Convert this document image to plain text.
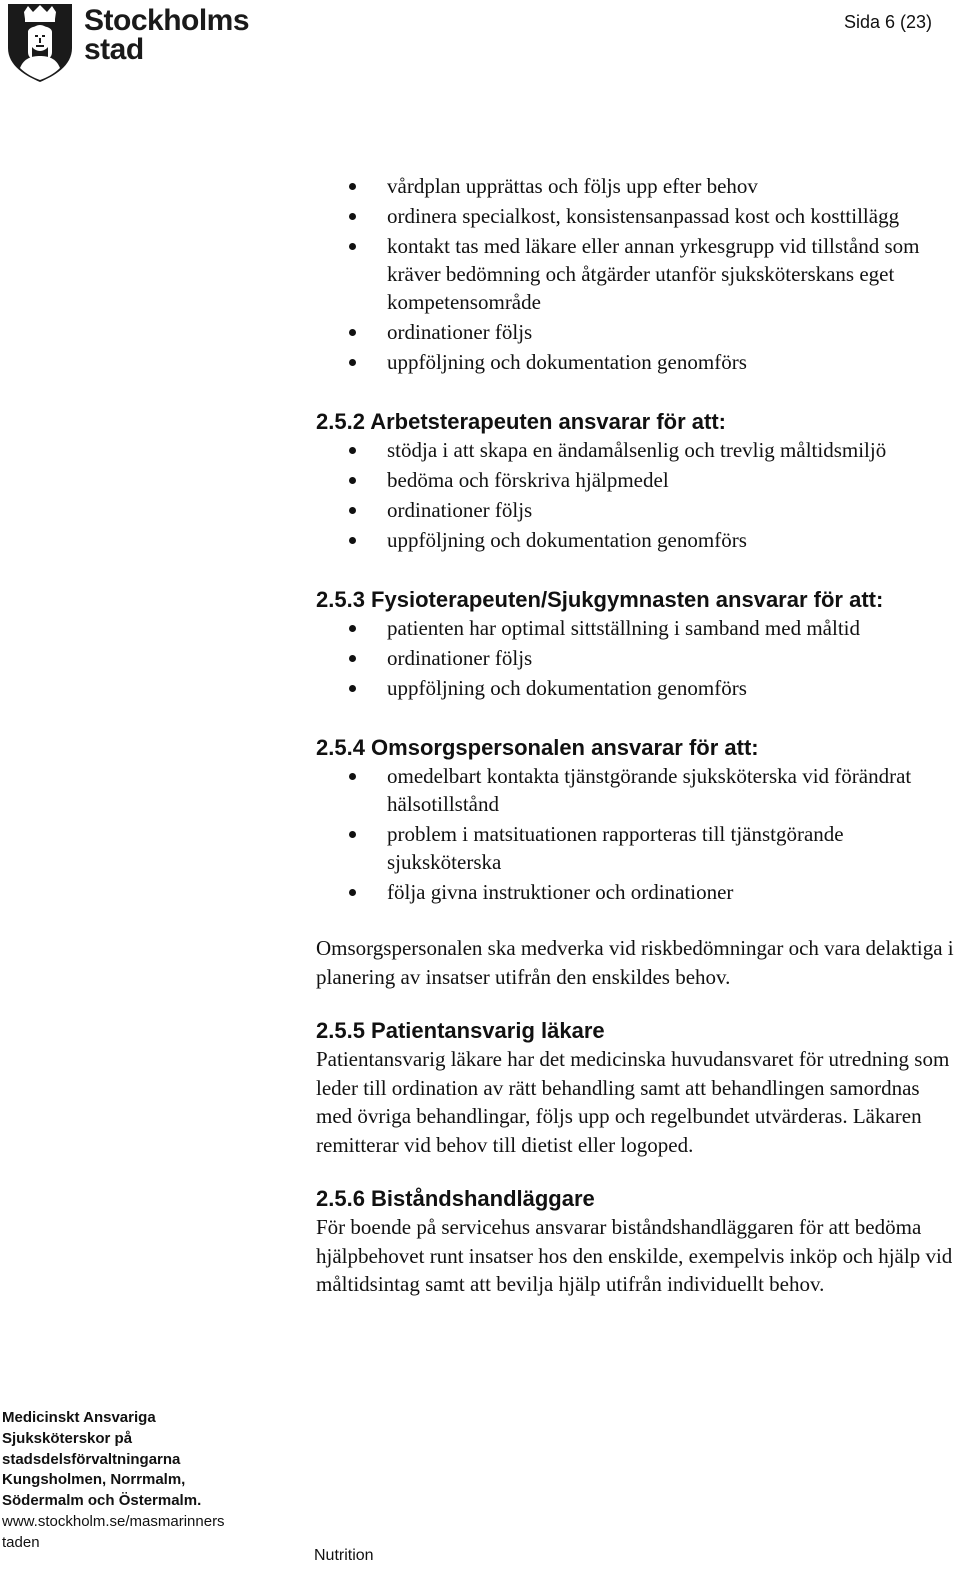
Stockholms
stad
Sida 6 (23)
vårdplan upprättas och följs upp efter behov
ordinera specialkost, konsistensanpassad kost och kosttillägg
kontakt tas med läkare eller annan yrkesgrupp vid tillstånd som kräver bedömning och åtgärder utanför sjuksköterskans eget kompetensområde
ordinationer följs
uppföljning och dokumentation genomförs
2.5.2 Arbetsterapeuten ansvarar för att:
stödja i att skapa en ändamålsenlig och trevlig måltidsmiljö
bedöma och förskriva hjälpmedel
ordinationer följs
uppföljning och dokumentation genomförs
2.5.3 Fysioterapeuten/Sjukgymnasten ansvarar för att:
patienten har optimal sittställning i samband med måltid
ordinationer följs
uppföljning och dokumentation genomförs
2.5.4 Omsorgspersonalen ansvarar för att:
omedelbart kontakta tjänstgörande sjuksköterska vid förändrat hälsotillstånd
problem i matsituationen rapporteras till tjänstgörande sjuksköterska
följa givna instruktioner och ordinationer

Omsorgspersonalen ska medverka vid riskbedömningar och vara delaktiga i planering av insatser utifrån den enskildes behov.

2.5.5 Patientansvarig läkare

Patientansvarig läkare har det medicinska huvudansvaret för utredning som leder till ordination av rätt behandling samt att behandlingen samordnas med övriga behandlingar, följs upp och regelbundet utvärderas. Läkaren remitterar vid behov till dietist eller logoped.

2.5.6 Biståndshandläggare

För boende på servicehus ansvarar biståndshandläggaren för att bedöma hjälpbehovet runt insatser hos den enskilde, exempelvis inköp och hjälp vid måltidsintag samt att bevilja hjälp utifrån individuellt behov.

Medicinskt Ansvariga
Sjuksköterskor på
stadsdelsförvaltningarna
Kungsholmen, Norrmalm,
Södermalm och Östermalm.
www.stockholm.se/masmarinners
taden
Nutrition
